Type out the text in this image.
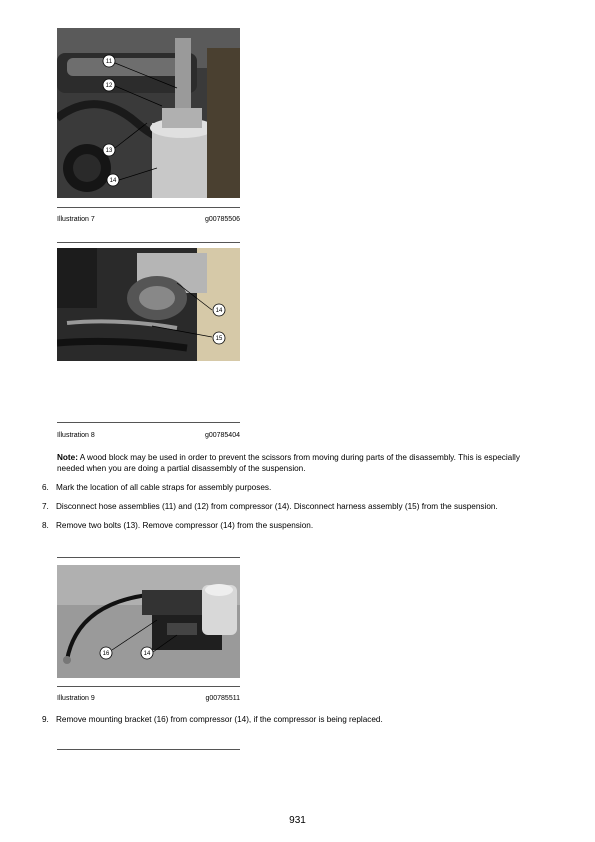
11
12
13
14
Illustration 7	g00785506
14
15
Illustration 8	g00785404
Note: A wood block may be used in order to prevent the scissors from moving during parts of the disassembly. This is especially needed when you are doing a partial disassembly of the suspension.
6. Mark the location of all cable straps for assembly purposes.
7. Disconnect hose assemblies (11) and (12) from compressor (14). Disconnect harness assembly (15) from the suspension.
8. Remove two bolts (13). Remove compressor (14) from the suspension.
16	14
Illustration 9	g00785511
9. Remove mounting bracket (16) from compressor (14), if the compressor is being replaced.
931
